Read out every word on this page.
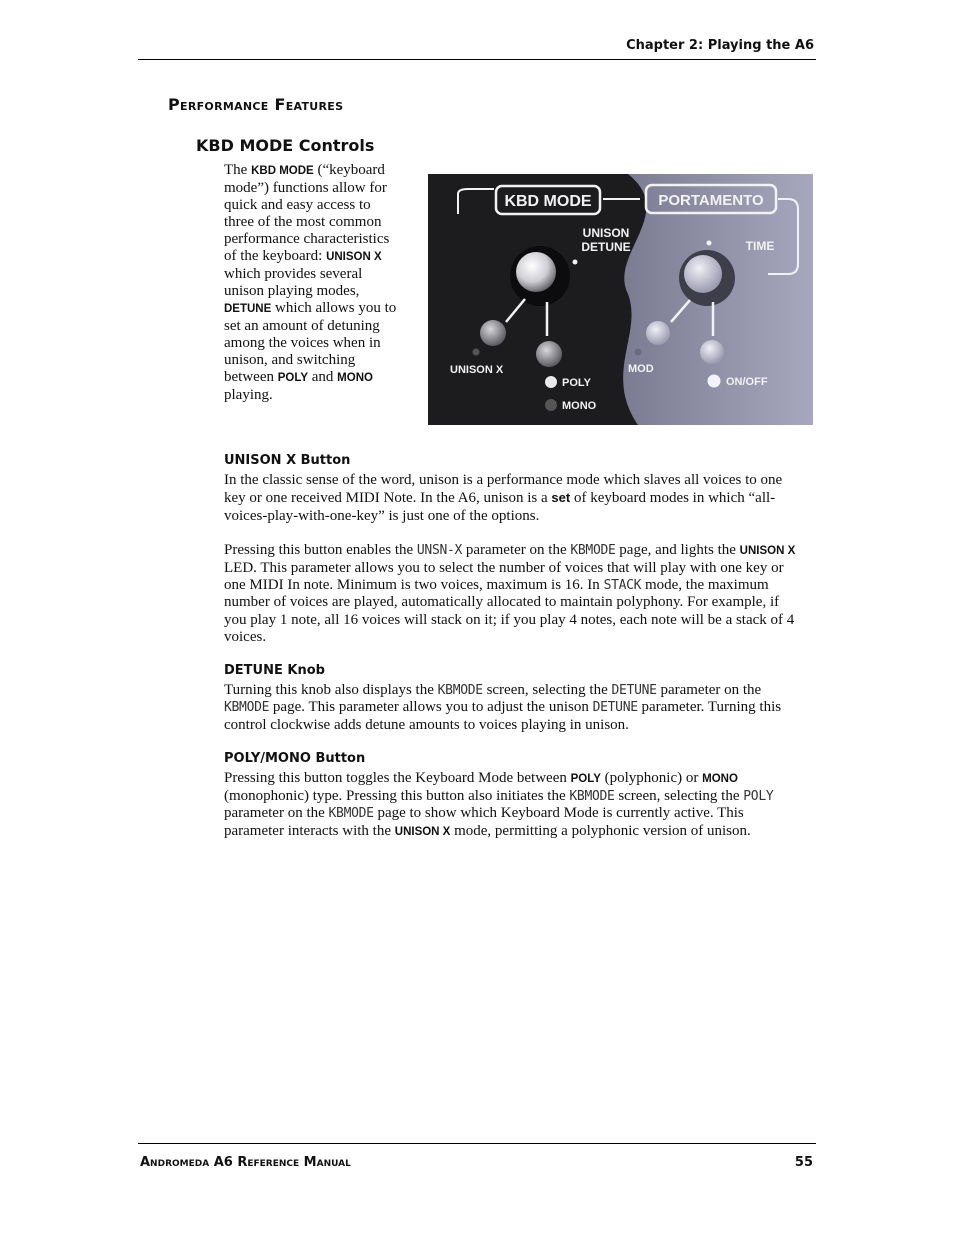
Chapter 2: Playing the A6
Performance Features
KBD MODE Controls
The KBD MODE (“keyboard mode”) functions allow for quick and easy access to three of the most common performance characteristics of the keyboard: UNISON X which provides several unison playing modes, DETUNE which allows you to set an amount of detuning among the voices when in unison, and switching between POLY and MONO playing.
KBD MODE	PORTAMENTO
UNISON
DETUNE	TIME
UNISON X
POLY
MONO
MOD
ON/OFF
UNISON X Button

In the classic sense of the word, unison is a performance mode which slaves all voices to one key or one received MIDI Note. In the A6, unison is a set of keyboard modes in which “all-voices-play-with-one-key” is just one of the options.

Pressing this button enables the UNSN-X parameter on the KBMODE page, and lights the UNISON X LED. This parameter allows you to select the number of voices that will play with one key or one MIDI In note. Minimum is two voices, maximum is 16. In STACK mode, the maximum number of voices are played, automatically allocated to maintain polyphony. For example, if you play 1 note, all 16 voices will stack on it; if you play 4 notes, each note will be a stack of 4 voices.

DETUNE Knob

Turning this knob also displays the KBMODE screen, selecting the DETUNE parameter on the KBMODE page. This parameter allows you to adjust the unison DETUNE parameter. Turning this control clockwise adds detune amounts to voices playing in unison.

POLY/MONO Button

Pressing this button toggles the Keyboard Mode between POLY (polyphonic) or MONO (monophonic) type. Pressing this button also initiates the KBMODE screen, selecting the POLY parameter on the KBMODE page to show which Keyboard Mode is currently active. This parameter interacts with the UNISON X mode, permitting a polyphonic version of unison.

Andromeda A6 Reference Manual	55
